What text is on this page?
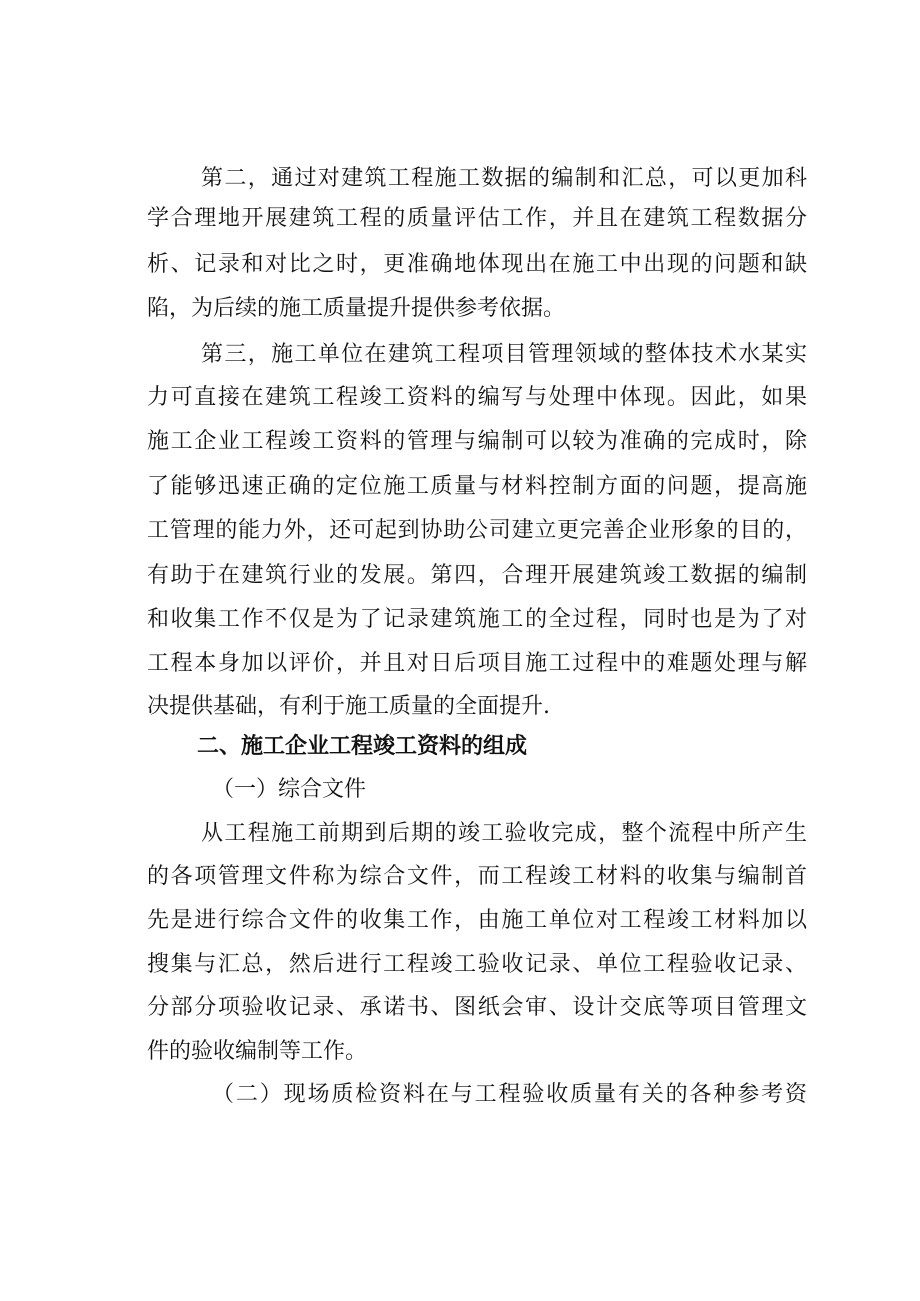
第二，通过对建筑工程施工数据的编制和汇总，可以更加科
学合理地开展建筑工程的质量评估工作，并且在建筑工程数据分
析、记录和对比之时，更准确地体现出在施工中出现的问题和缺
陷，为后续的施工质量提升提供参考依据。
第三，施工单位在建筑工程项目管理领域的整体技术水某实
力可直接在建筑工程竣工资料的编写与处理中体现。因此，如果
施工企业工程竣工资料的管理与编制可以较为准确的完成时，除
了能够迅速正确的定位施工质量与材料控制方面的问题，提高施
工管理的能力外，还可起到协助公司建立更完善企业形象的目的，
有助于在建筑行业的发展。第四，合理开展建筑竣工数据的编制
和收集工作不仅是为了记录建筑施工的全过程，同时也是为了对
工程本身加以评价，并且对日后项目施工过程中的难题处理与解
决提供基础，有利于施工质量的全面提升.
二、施工企业工程竣工资料的组成
（一）综合文件
从工程施工前期到后期的竣工验收完成，整个流程中所产生
的各项管理文件称为综合文件，而工程竣工材料的收集与编制首
先是进行综合文件的收集工作，由施工单位对工程竣工材料加以
搜集与汇总，然后进行工程竣工验收记录、单位工程验收记录、
分部分项验收记录、承诺书、图纸会审、设计交底等项目管理文
件的验收编制等工作。
（二）现场质检资料在与工程验收质量有关的各种参考资
